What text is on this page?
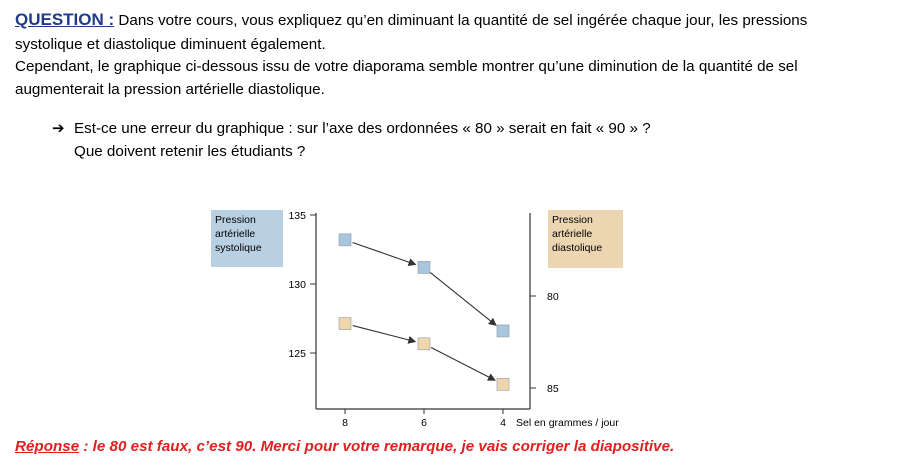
QUESTION : Dans votre cours, vous expliquez qu’en diminuant la quantité de sel ingérée chaque jour, les pressions
systolique et diastolique diminuent également.
Cependant, le graphique ci-dessous issu de votre diaporama semble montrer qu’une diminution de la quantité de sel
augmenterait la pression artérielle diastolique.
➔ Est-ce une erreur du graphique : sur l’axe des ordonnées « 80 » serait en fait « 90 » ?
Que doivent retenir les étudiants ?
Pression
artérielle
systolique
Pression
artérielle
diastolique
135
130
125
80
85
8	6	4 Sel en grammes / jour
Réponse : le 80 est faux, c’est 90. Merci pour votre remarque, je vais corriger la diapositive.
